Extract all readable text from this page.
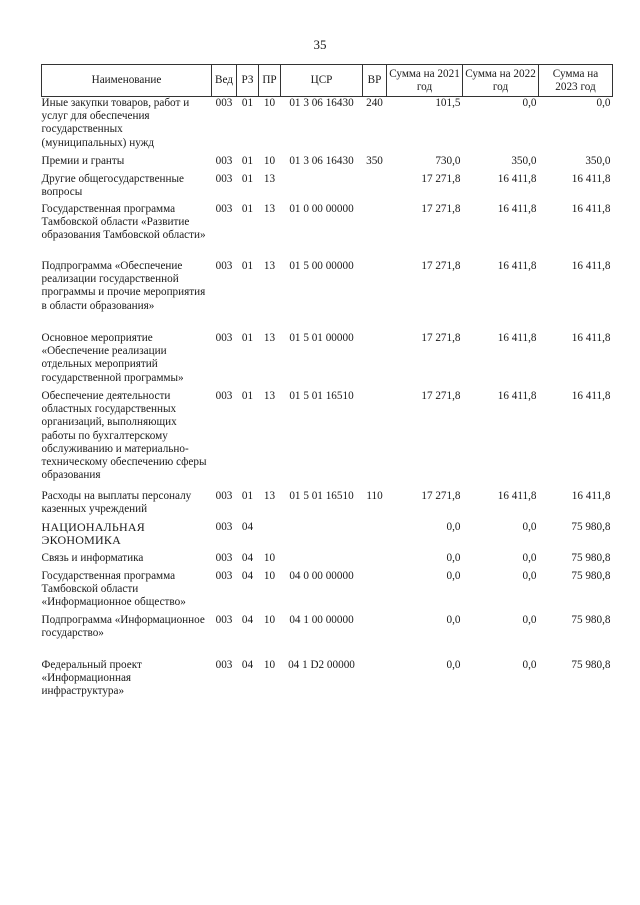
35
Наименование	Вед	РЗ	ПР	ЦСР	ВР	Сумма на 2021 год	Сумма на 2022 год	Сумма на 2023 год
Иные закупки товаров, работ и услуг для обеспечения государственных (муниципальных) нужд	003	01	10	01 3 06 16430	240	101,5	0,0	0,0
Премии и гранты	003	01	10	01 3 06 16430	350	730,0	350,0	350,0
Другие общегосударственные вопросы	003	01	13			17 271,8	16 411,8	16 411,8
Государственная программа Тамбовской области «Развитие образования Тамбовской области»	003	01	13	01 0 00 00000		17 271,8	16 411,8	16 411,8
Подпрограмма «Обеспечение реализации государственной программы и прочие мероприятия в области образования»	003	01	13	01 5 00 00000		17 271,8	16 411,8	16 411,8
Основное мероприятие «Обеспечение реализации отдельных мероприятий государственной программы»	003	01	13	01 5 01 00000		17 271,8	16 411,8	16 411,8
Обеспечение деятельности областных государственных организаций, выполняющих работы по бухгалтерскому обслуживанию и материально-техническому обеспечению сферы образования	003	01	13	01 5 01 16510		17 271,8	16 411,8	16 411,8
Расходы на выплаты персоналу казенных учреждений	003	01	13	01 5 01 16510	110	17 271,8	16 411,8	16 411,8
НАЦИОНАЛЬНАЯ ЭКОНОМИКА	003	04				0,0	0,0	75 980,8
Связь и информатика	003	04	10			0,0	0,0	75 980,8
Государственная программа Тамбовской области «Информационное общество»	003	04	10	04 0 00 00000		0,0	0,0	75 980,8
Подпрограмма «Информационное государство»	003	04	10	04 1 00 00000		0,0	0,0	75 980,8
Федеральный проект «Информационная инфраструктура»	003	04	10	04 1 D2 00000		0,0	0,0	75 980,8
